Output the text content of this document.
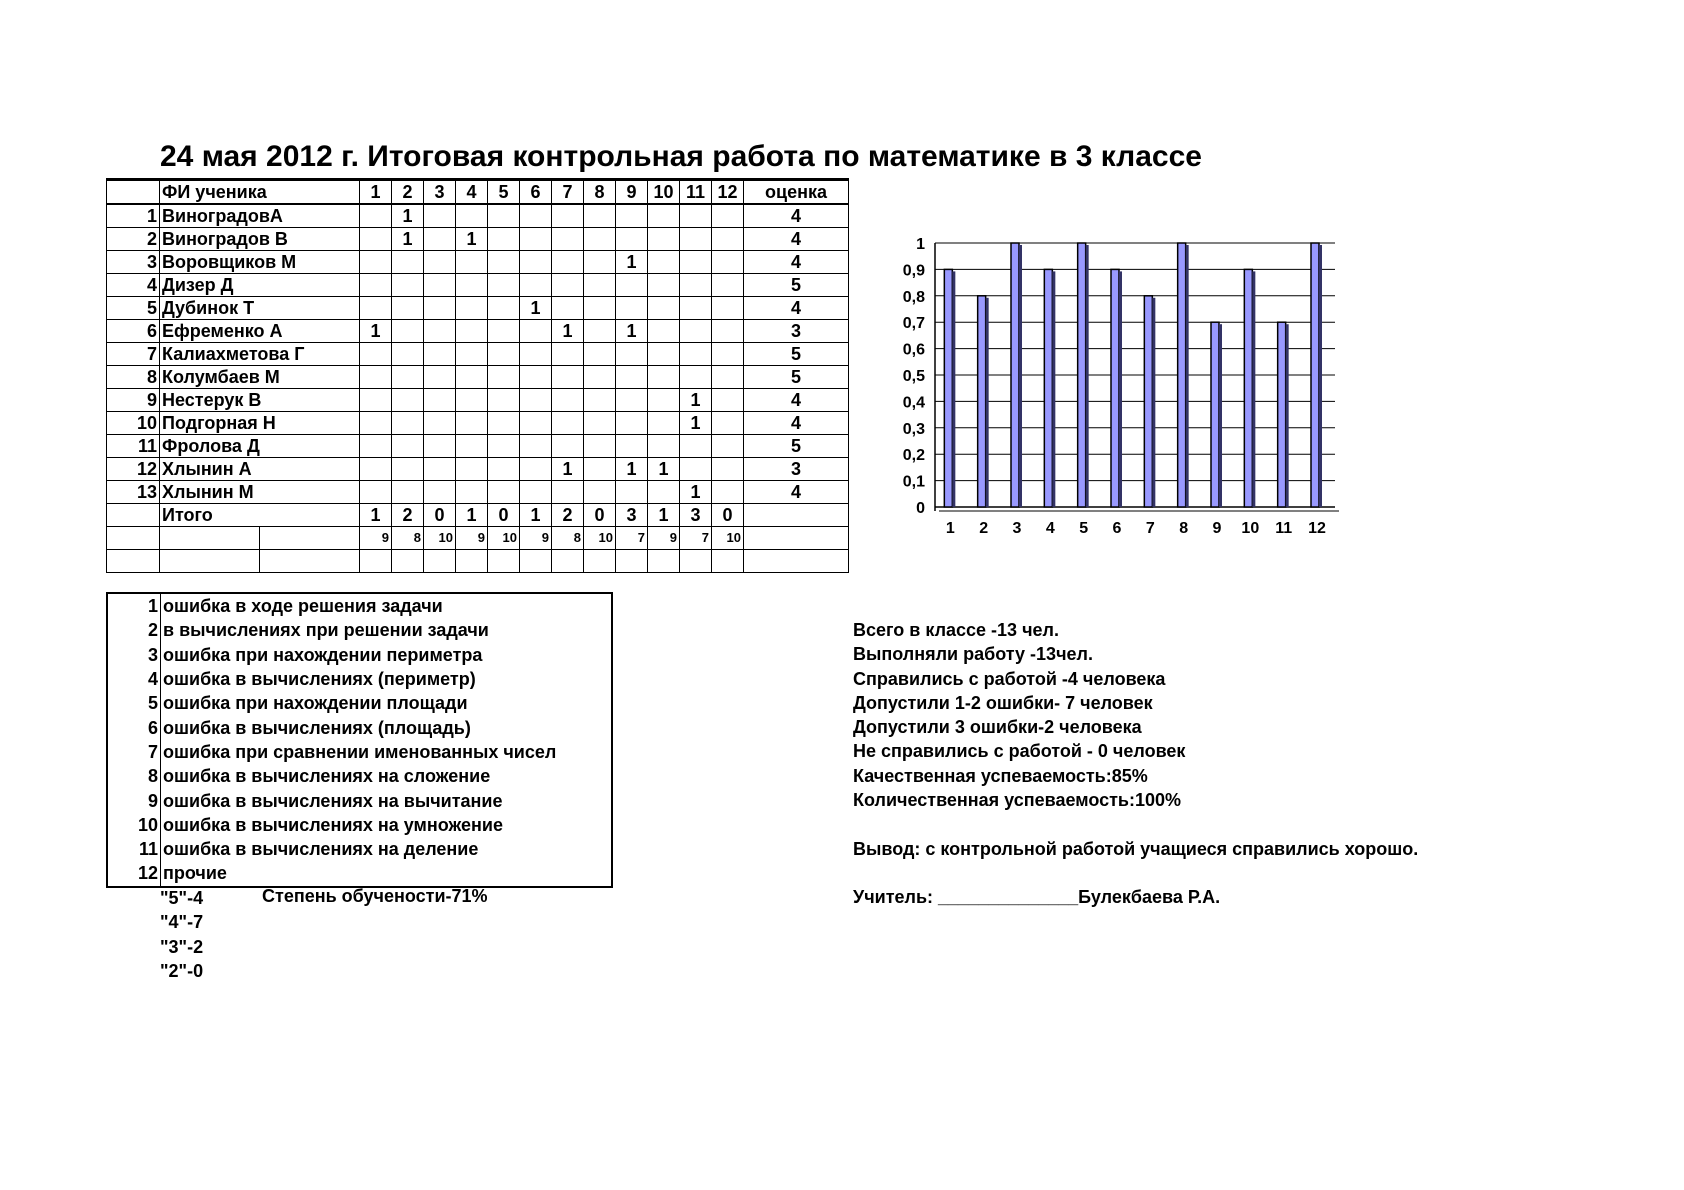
24 мая 2012 г. Итоговая контрольная работа по математике в 3 классе
	ФИ ученика		1	2	3	4	5	6	7	8	9	10	11	12	оценка
1	ВиноградовА			1											4
2	Виноградов В			1		1									4
3	Воровщиков М										1				4
4	Дизер Д														5
5	Дубинок Т							1							4
6	Ефременко А		1						1		1				3
7	Калиахметова Г														5
8	Колумбаев М														5
9	Нестерук В												1		4
10	Подгорная Н												1		4
11	Фролова Д														5
12	Хлынин А								1		1	1			3
13	Хлынин М												1		4
	Итого		1	2	0	1	0	1	2	0	3	1	3	0	
			9	8	10	9	10	9	8	10	7	9	7	10	

1	ошибка в ходе решения задачи
2	в вычислениях при решении задачи
3	ошибка при нахождении периметра
4	ошибка в вычислениях (периметр)
5	ошибка при нахождении площади
6	ошибка в вычислениях (площадь)
7	ошибка при сравнении именованных чисел
8	ошибка в вычислениях на сложение
9	ошибка в вычислениях на вычитание
10	ошибка в вычислениях на умножение
11	ошибка в вычислениях на деление
12	прочие
"5"-4
"4"-7
"3"-2
"2"-0
Степень обучености-71%
Всего в классе -13 чел.
Выполняли работу -13чел.
Справились с работой -4 человека
Допустили 1-2 ошибки- 7 человек
Допустили 3 ошибки-2 человека
Не справились с работой - 0 человек
Качественная успеваемость:85%
Количественная успеваемость:100%

Вывод: с контрольной работой учащиеся справились хорошо.

Учитель: ______________Булекбаева Р.А.
0
0,1
0,2
0,3
0,4
0,5
0,6
0,7
0,8
0,9
1
1 2 3 4 5 6 7 8 9 10 11 12
